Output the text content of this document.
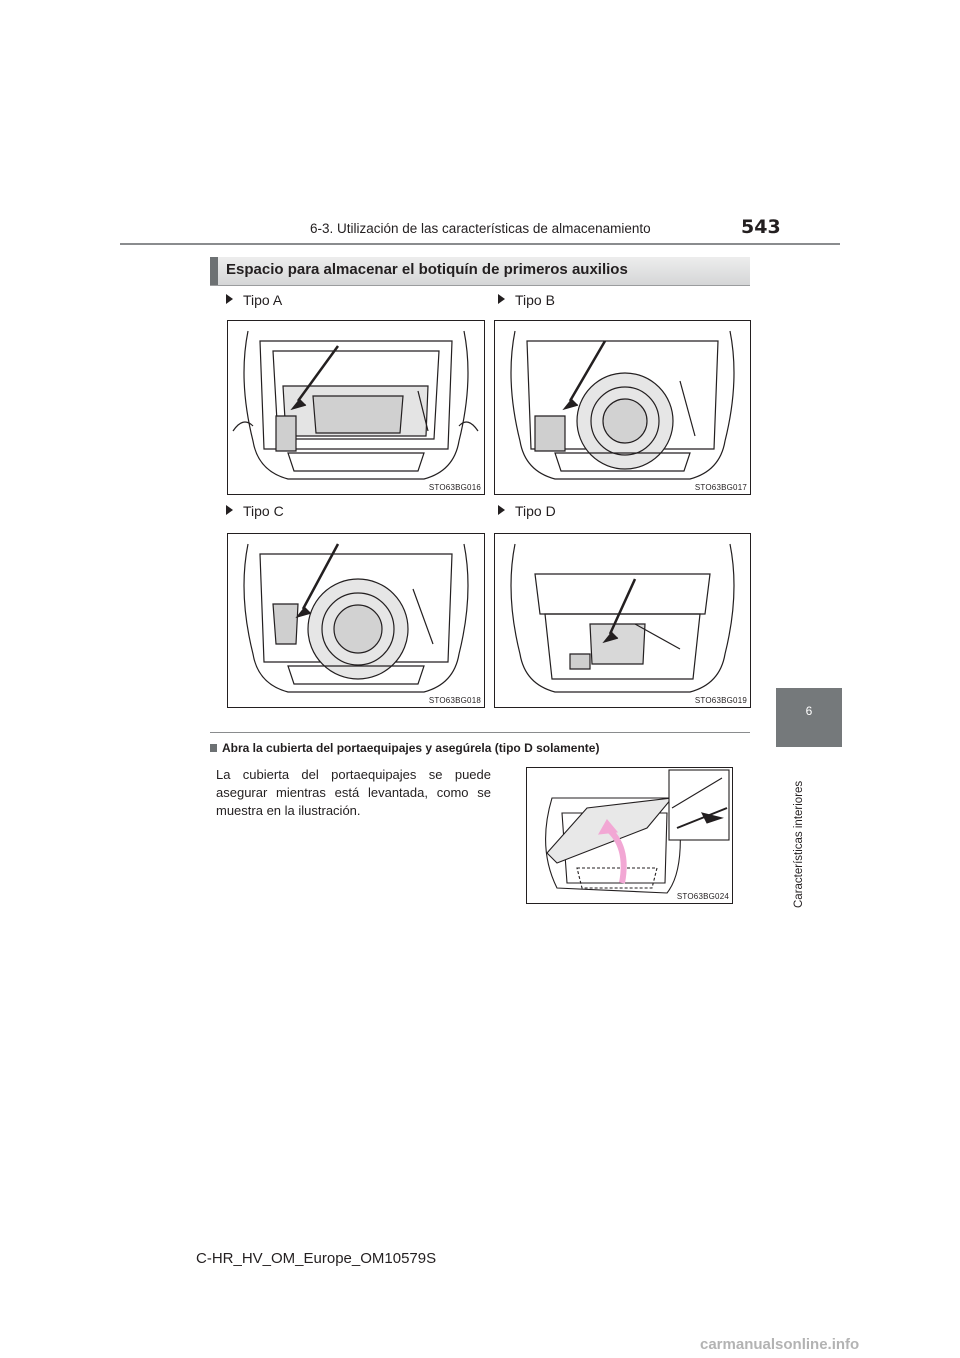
6-3. Utilización de las características de almacenamiento	543
6
Características interiores
Espacio para almacenar el botiquín de primeros auxilios
Tipo A	Tipo B
Tipo C	Tipo D
STO63BG016	STO63BG017
STO63BG018	STO63BG019
Abra la cubierta del portaequipajes y asegúrela (tipo D solamente)
La cubierta del portaequipajes se puede asegurar mientras está levantada, como se muestra en la ilustración.
STO63BG024
C-HR_HV_OM_Europe_OM10579S
carmanualsonline.info
